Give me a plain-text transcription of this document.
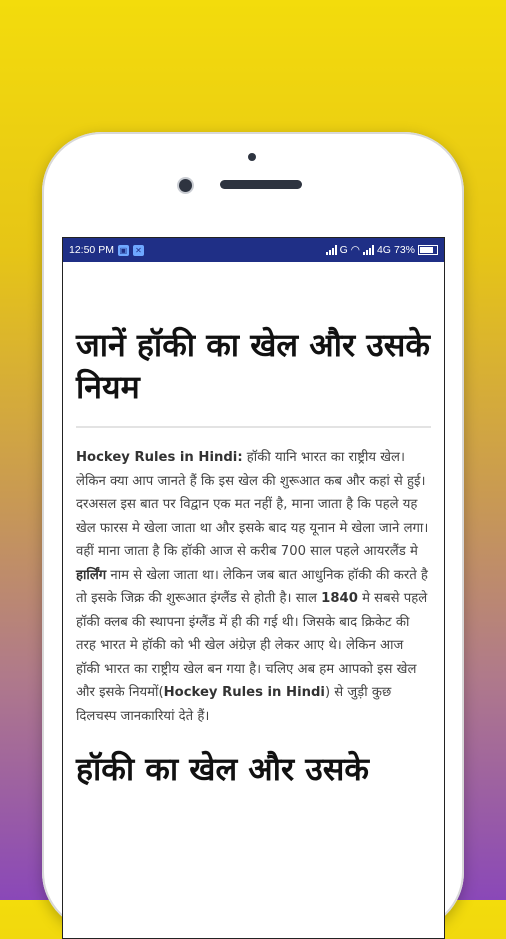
12:50 PM ▣ ✕	G ◠ 4G 73%
जानें हॉकी का खेल और उसके नियम

Hockey Rules in Hindi: हॉकी यानि भारत का राष्ट्रीय खेल। लेकिन क्या आप जानते हैं कि इस खेल की शुरूआत कब और कहां से हुई। दरअसल इस बात पर विद्वान एक मत नहीं है, माना जाता है कि पहले यह खेल फारस मे खेला जाता था और इसके बाद यह यूनान मे खेला जाने लगा। वहीं माना जाता है कि हॉकी आज से करीब 700 साल पहले आयरलैंड मे हार्लिंग नाम से खेला जाता था। लेकिन जब बात आधुनिक हॉकी की करते है तो इसके जिक्र की शुरूआत इंग्लैंड से होती है। साल 1840 मे सबसे पहले हॉकी क्लब की स्थापना इंग्लैंड में ही की गई थी। जिसके बाद क्रिकेट की तरह भारत मे हॉकी को भी खेल अंग्रेज़ ही लेकर आए थे। लेकिन आज हॉकी भारत का राष्ट्रीय खेल बन गया है। चलिए अब हम आपको इस खेल और इसके नियमों(Hockey Rules in Hindi) से जुड़ी कुछ दिलचस्प जानकारियां देते हैं।

हॉकी का खेल और उसके
